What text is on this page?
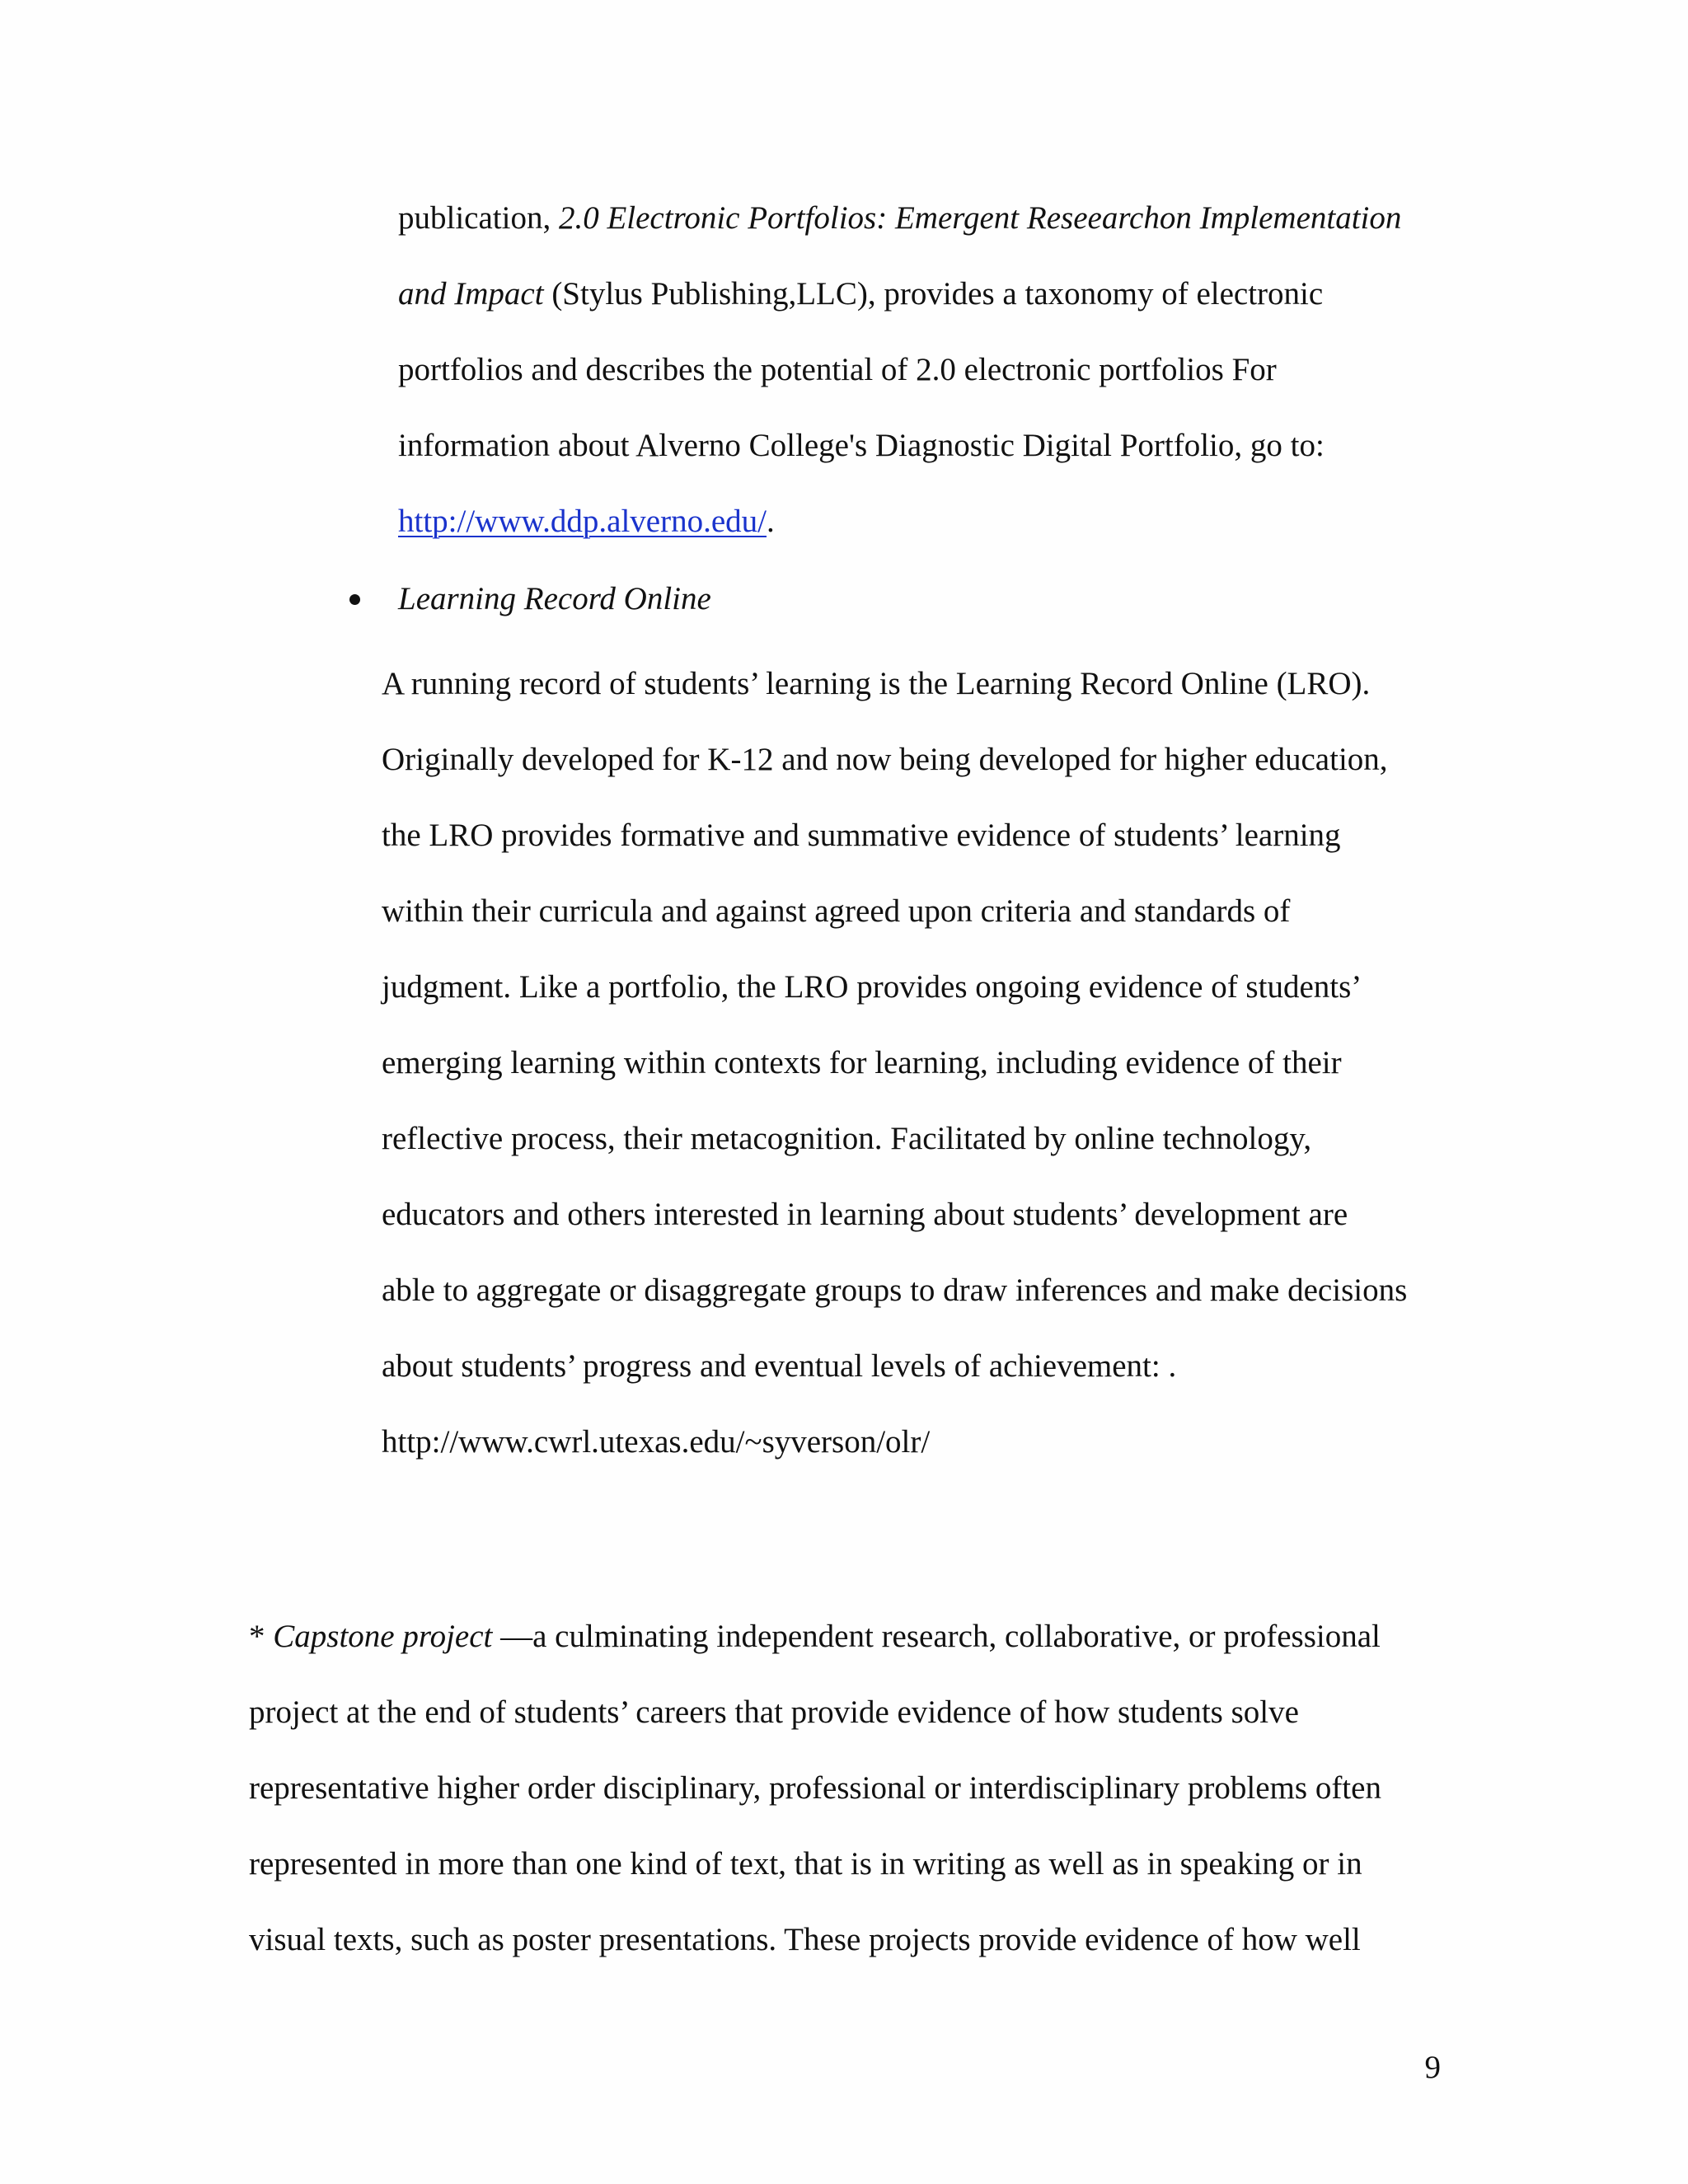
publication, 2.0 Electronic Portfolios: Emergent Reseearchon Implementation

and Impact (Stylus Publishing,LLC), provides a taxonomy of electronic

portfolios and describes the potential of 2.0 electronic portfolios For

information about Alverno College's Diagnostic Digital Portfolio, go to:

http://www.ddp.alverno.edu/.

Learning Record Online

A running record of students’ learning is the Learning Record Online (LRO).

Originally developed for K-12 and now being developed for higher education,

the LRO provides formative and summative evidence of students’ learning

within their curricula and against agreed upon criteria and standards of

judgment. Like a portfolio, the LRO provides ongoing evidence of students’

emerging learning within contexts for learning, including evidence of their

reflective process, their metacognition. Facilitated by online technology,

educators and others interested in learning about students’ development are

able to aggregate or disaggregate groups to draw inferences and make decisions

about students’ progress and eventual levels of achievement: .

http://www.cwrl.utexas.edu/~syverson/olr/

* Capstone project —a culminating independent research, collaborative, or professional

project at the end of students’ careers that provide evidence of how students solve

representative higher order disciplinary, professional or interdisciplinary problems often

represented in more than one kind of text, that is in writing as well as in speaking or in

visual texts, such as poster presentations. These projects provide evidence of how well

9
